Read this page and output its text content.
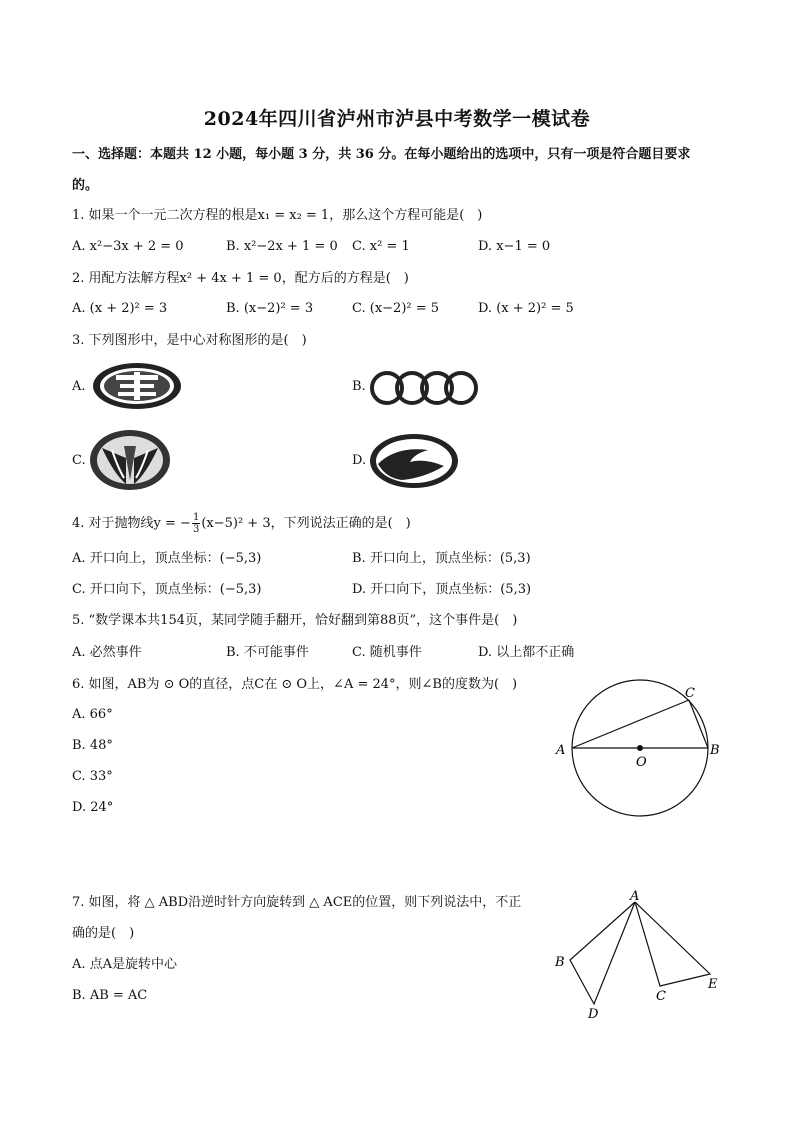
2024年四川省泸州市泸县中考数学一模试卷
一、选择题：本题共 12 小题，每小题 3 分，共 36 分。在每小题给出的选项中，只有一项是符合题目要求
的。
1. 如果一个一元二次方程的根是x₁ = x₂ = 1，那么这个方程可能是(　)
A. x²−3x + 2 = 0	B. x²−2x + 1 = 0 C. x² = 1	D. x−1 = 0
2. 用配方法解方程x² + 4x + 1 = 0，配方后的方程是(　)
A. (x + 2)² = 3	B. (x−2)² = 3	C. (x−2)² = 5	D. (x + 2)² = 5
3. 下列图形中，是中心对称图形的是(　)
A.	B.
C.	D.
4. 对于抛物线y = − $\frac{1}{3} (x-5)^2 + 3$，下列说法正确的是(　)
A. 开口向上，顶点坐标：(−5,3)	B. 开口向上，顶点坐标：(5,3)
C. 开口向下，顶点坐标：(−5,3)	D. 开口向下，顶点坐标：(5,3)
5. “数学课本共154页，某同学随手翻开，恰好翻到第88页”，这个事件是(　)
A. 必然事件	B. 不可能事件	C. 随机事件	D. 以上都不正确
6. 如图，AB为 ⊙ O的直径，点C在 ⊙ O上，∠A = 24°，则∠B的度数为(　)
A. 66°
B. 48°
C. 33°
D. 24°
A	B
C
O
7. 如图，将 △ ABD沿逆时针方向旋转到 △ ACE的位置，则下列说法中，不正
确的是(　)
A. 点A是旋转中心
B. AB = AC
A
B
D
C
E
